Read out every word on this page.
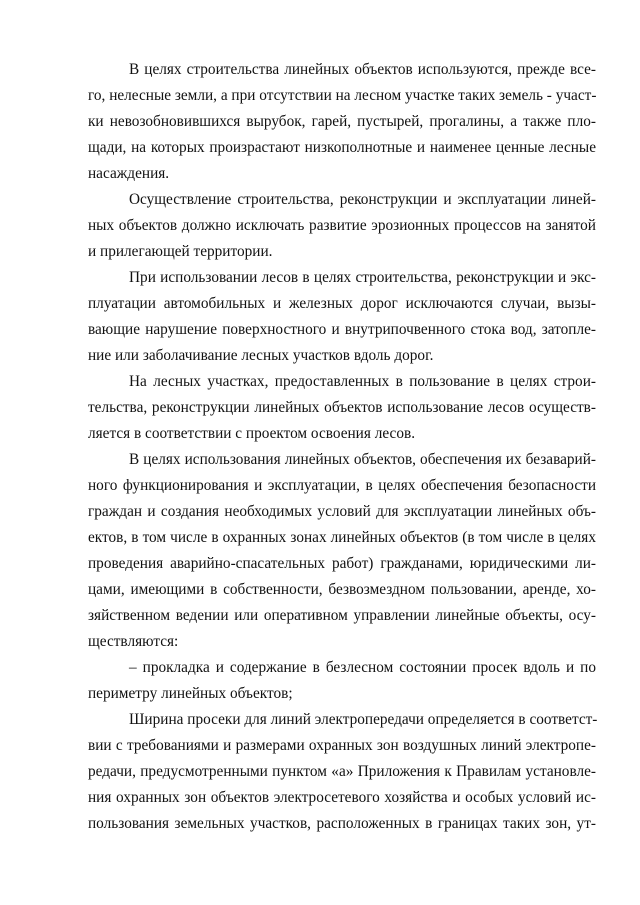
В целях строительства линейных объектов используются, прежде все-
го, нелесные земли, а при отсутствии на лесном участке таких земель - участ-
ки невозобновившихся вырубок, гарей, пустырей, прогалины, а также пло-
щади, на которых произрастают низкополнотные и наименее ценные лесные
насаждения.
Осуществление строительства, реконструкции и эксплуатации линей-
ных объектов должно исключать развитие эрозионных процессов на занятой
и прилегающей территории.
При использовании лесов в целях строительства, реконструкции и экс-
плуатации автомобильных и железных дорог исключаются случаи, вызы-
вающие нарушение поверхностного и внутрипочвенного стока вод, затопле-
ние или заболачивание лесных участков вдоль дорог.
На лесных участках, предоставленных в пользование в целях строи-
тельства, реконструкции линейных объектов использование лесов осуществ-
ляется в соответствии с проектом освоения лесов.
В целях использования линейных объектов, обеспечения их безаварий-
ного функционирования и эксплуатации, в целях обеспечения безопасности
граждан и создания необходимых условий для эксплуатации линейных объ-
ектов, в том числе в охранных зонах линейных объектов (в том числе в целях
проведения аварийно-спасательных работ) гражданами, юридическими ли-
цами, имеющими в собственности, безвозмездном пользовании, аренде, хо-
зяйственном ведении или оперативном управлении линейные объекты, осу-
ществляются:
– прокладка и содержание в безлесном состоянии просек вдоль и по
периметру линейных объектов;
Ширина просеки для линий электропередачи определяется в соответст-
вии с требованиями и размерами охранных зон воздушных линий электропе-
редачи, предусмотренными пунктом «а» Приложения к Правилам установле-
ния охранных зон объектов электросетевого хозяйства и особых условий ис-
пользования земельных участков, расположенных в границах таких зон, ут-
